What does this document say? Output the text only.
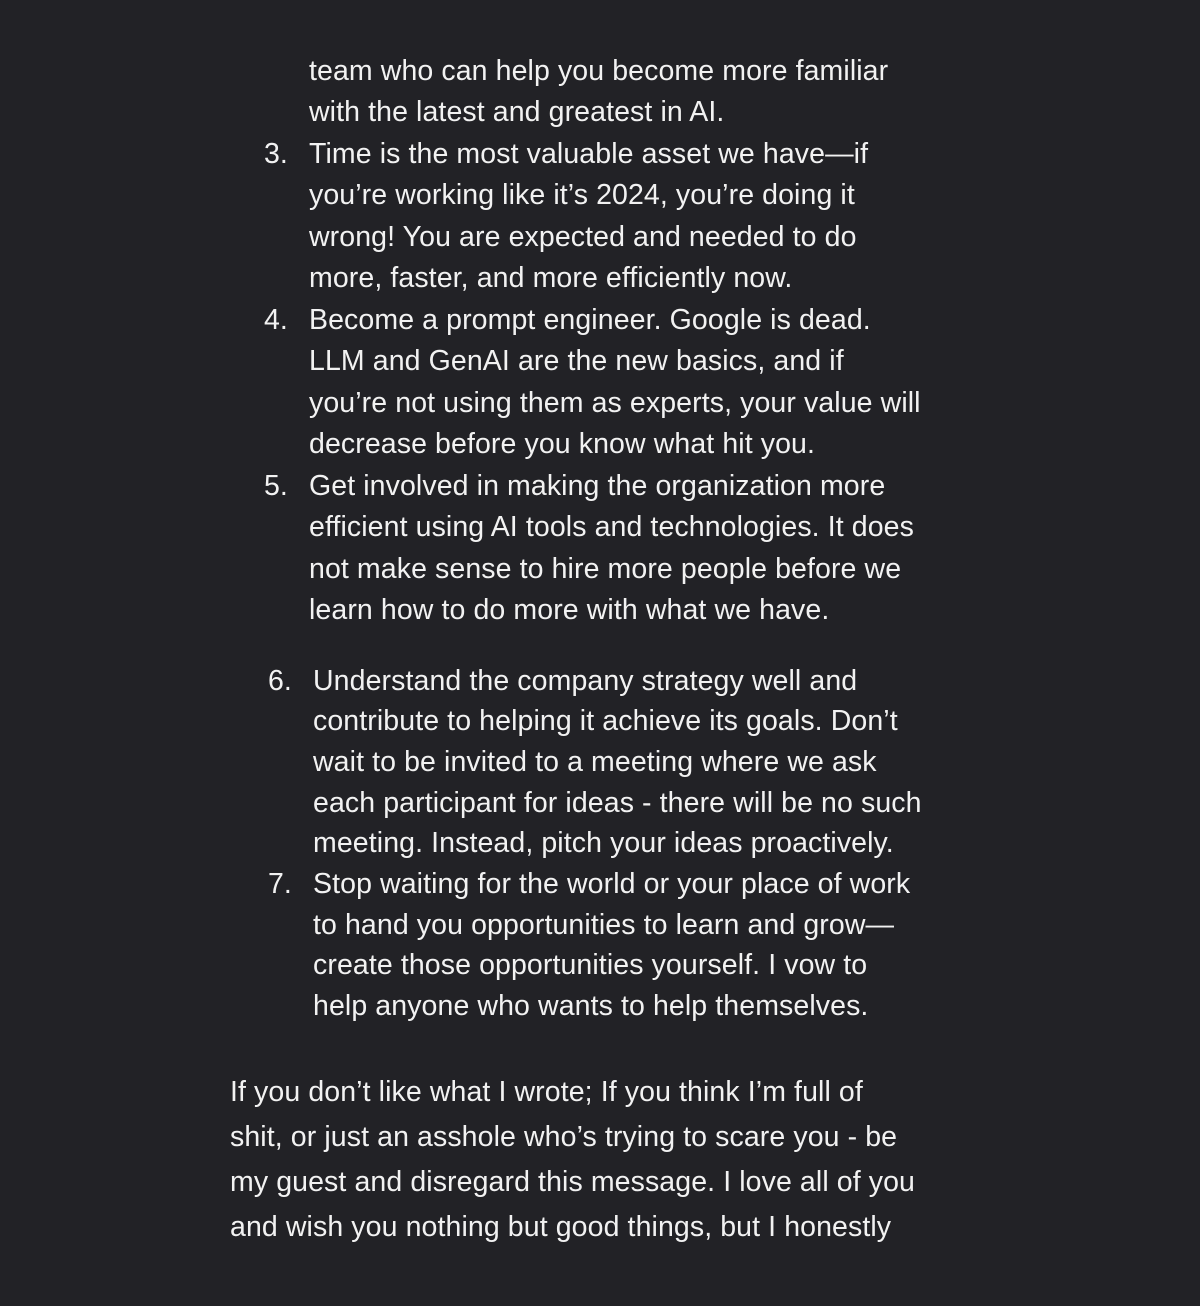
team who can help you become more familiar
with the latest and greatest in AI.
3. Time is the most valuable asset we have—if
you’re working like it’s 2024, you’re doing it
wrong! You are expected and needed to do
more, faster, and more efficiently now.
4. Become a prompt engineer. Google is dead.
LLM and GenAI are the new basics, and if
you’re not using them as experts, your value will
decrease before you know what hit you.
5. Get involved in making the organization more
efficient using AI tools and technologies. It does
not make sense to hire more people before we
learn how to do more with what we have.
6. Understand the company strategy well and
contribute to helping it achieve its goals. Don’t
wait to be invited to a meeting where we ask
each participant for ideas - there will be no such
meeting. Instead, pitch your ideas proactively.
7. Stop waiting for the world or your place of work
to hand you opportunities to learn and grow—
create those opportunities yourself. I vow to
help anyone who wants to help themselves.
If you don’t like what I wrote; If you think I’m full of
shit, or just an asshole who’s trying to scare you - be
my guest and disregard this message. I love all of you
and wish you nothing but good things, but I honestly
